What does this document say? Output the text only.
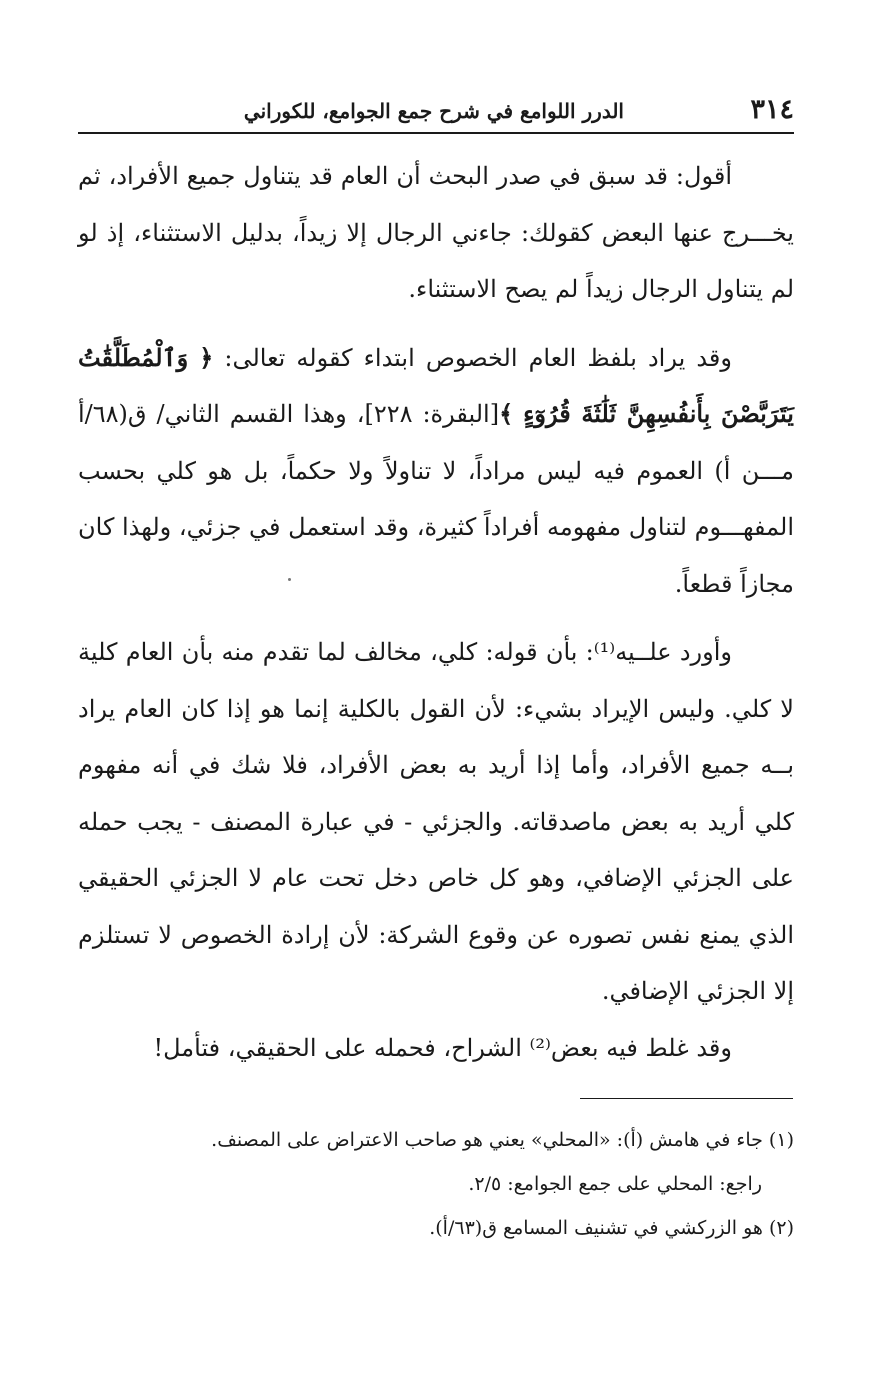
٣١٤
الدرر اللوامع في شرح جمع الجوامع، للكوراني

أقول: قد سبق في صدر البحث أن العام قد يتناول جميع الأفراد، ثم يخـــرج عنها البعض كقولك: جاءني الرجال إلا زيداً، بدليل الاستثناء، إذ لو لم يتناول الرجال زيداً لم يصح الاستثناء.

وقد يراد بلفظ العام الخصوص ابتداء كقوله تعالى: ﴿ وَٱلْمُطَلَّقَٰتُ يَتَرَبَّصْنَ بِأَنفُسِهِنَّ ثَلَٰثَةَ قُرُوٓءٍ ﴾[البقرة: ٢٢٨]، وهذا القسم الثاني/ ق(٦٨/أ مـــن أ) العموم فيه ليس مراداً، لا تناولاً ولا حكماً، بل هو كلي بحسب المفهـــوم لتناول مفهومه أفراداً كثيرة، وقد استعمل في جزئي، ولهذا كان مجازاً قطعاً.

وأورد علــيه⁽¹⁾: بأن قوله: كلي، مخالف لما تقدم منه بأن العام كلية لا كلي. وليس الإيراد بشيء: لأن القول بالكلية إنما هو إذا كان العام يراد بــه جميع الأفراد، وأما إذا أريد به بعض الأفراد، فلا شك في أنه مفهوم كلي أريد به بعض ماصدقاته. والجزئي - في عبارة المصنف - يجب حمله على الجزئي الإضافي، وهو كل خاص دخل تحت عام لا الجزئي الحقيقي الذي يمنع نفس تصوره عن وقوع الشركة: لأن إرادة الخصوص لا تستلزم إلا الجزئي الإضافي.

وقد غلط فيه بعض⁽²⁾ الشراح، فحمله على الحقيقي، فتأمل!

(١) جاء في هامش (أ): «المحلي» يعني هو صاحب الاعتراض على المصنف.

راجع: المحلي على جمع الجوامع: ٢/٥.

(٢) هو الزركشي في تشنيف المسامع ق(٦٣/أ).
